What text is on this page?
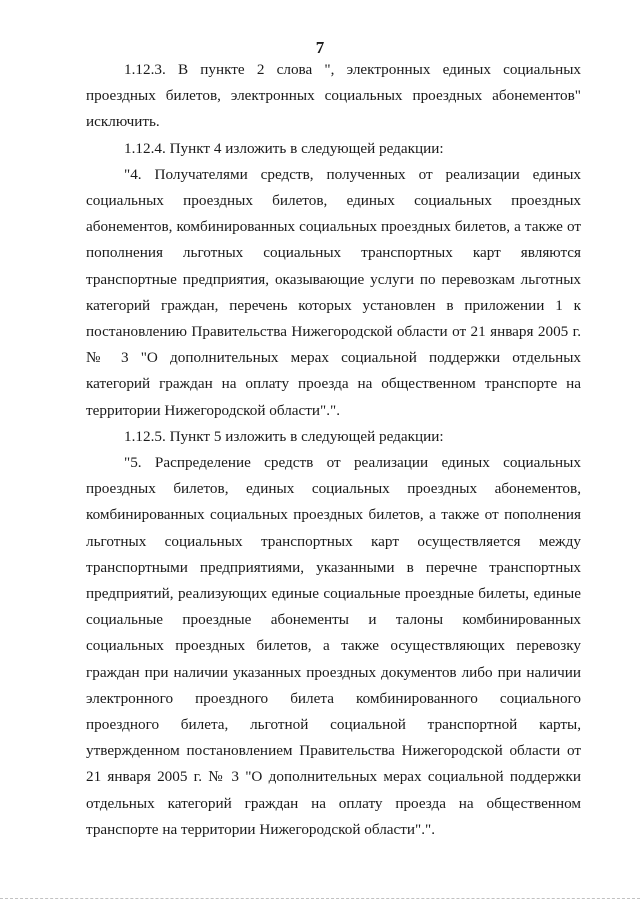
7

1.12.3. В пункте 2 слова ", электронных единых социальных проездных билетов, электронных социальных проездных абонементов" исключить.

1.12.4. Пункт 4 изложить в следующей редакции:

"4. Получателями средств, полученных от реализации единых социальных проездных билетов, единых социальных проездных абонементов, комбинированных социальных проездных билетов, а также от пополнения льготных социальных транспортных карт являются транспортные предприятия, оказывающие услуги по перевозкам льготных категорий граждан, перечень которых установлен в приложении 1 к постановлению Правительства Нижегородской области от 21 января 2005 г. № 3 "О дополнительных мерах социальной поддержки отдельных категорий граждан на оплату проезда на общественном транспорте на территории Нижегородской области".".

1.12.5. Пункт 5 изложить в следующей редакции:

"5. Распределение средств от реализации единых социальных проездных билетов, единых социальных проездных абонементов, комбинированных социальных проездных билетов, а также от пополнения льготных социальных транспортных карт осуществляется между транспортными предприятиями, указанными в перечне транспортных предприятий, реализующих единые социальные проездные билеты, единые социальные проездные абонементы и талоны комбинированных социальных проездных билетов, а также осуществляющих перевозку граждан при наличии указанных проездных документов либо при наличии электронного проездного билета комбинированного социального проездного билета, льготной социальной транспортной карты, утвержденном постановлением Правительства Нижегородской области от 21 января 2005 г. № 3 "О дополнительных мерах социальной поддержки отдельных категорий граждан на оплату проезда на общественном транспорте на территории Нижегородской области".".
